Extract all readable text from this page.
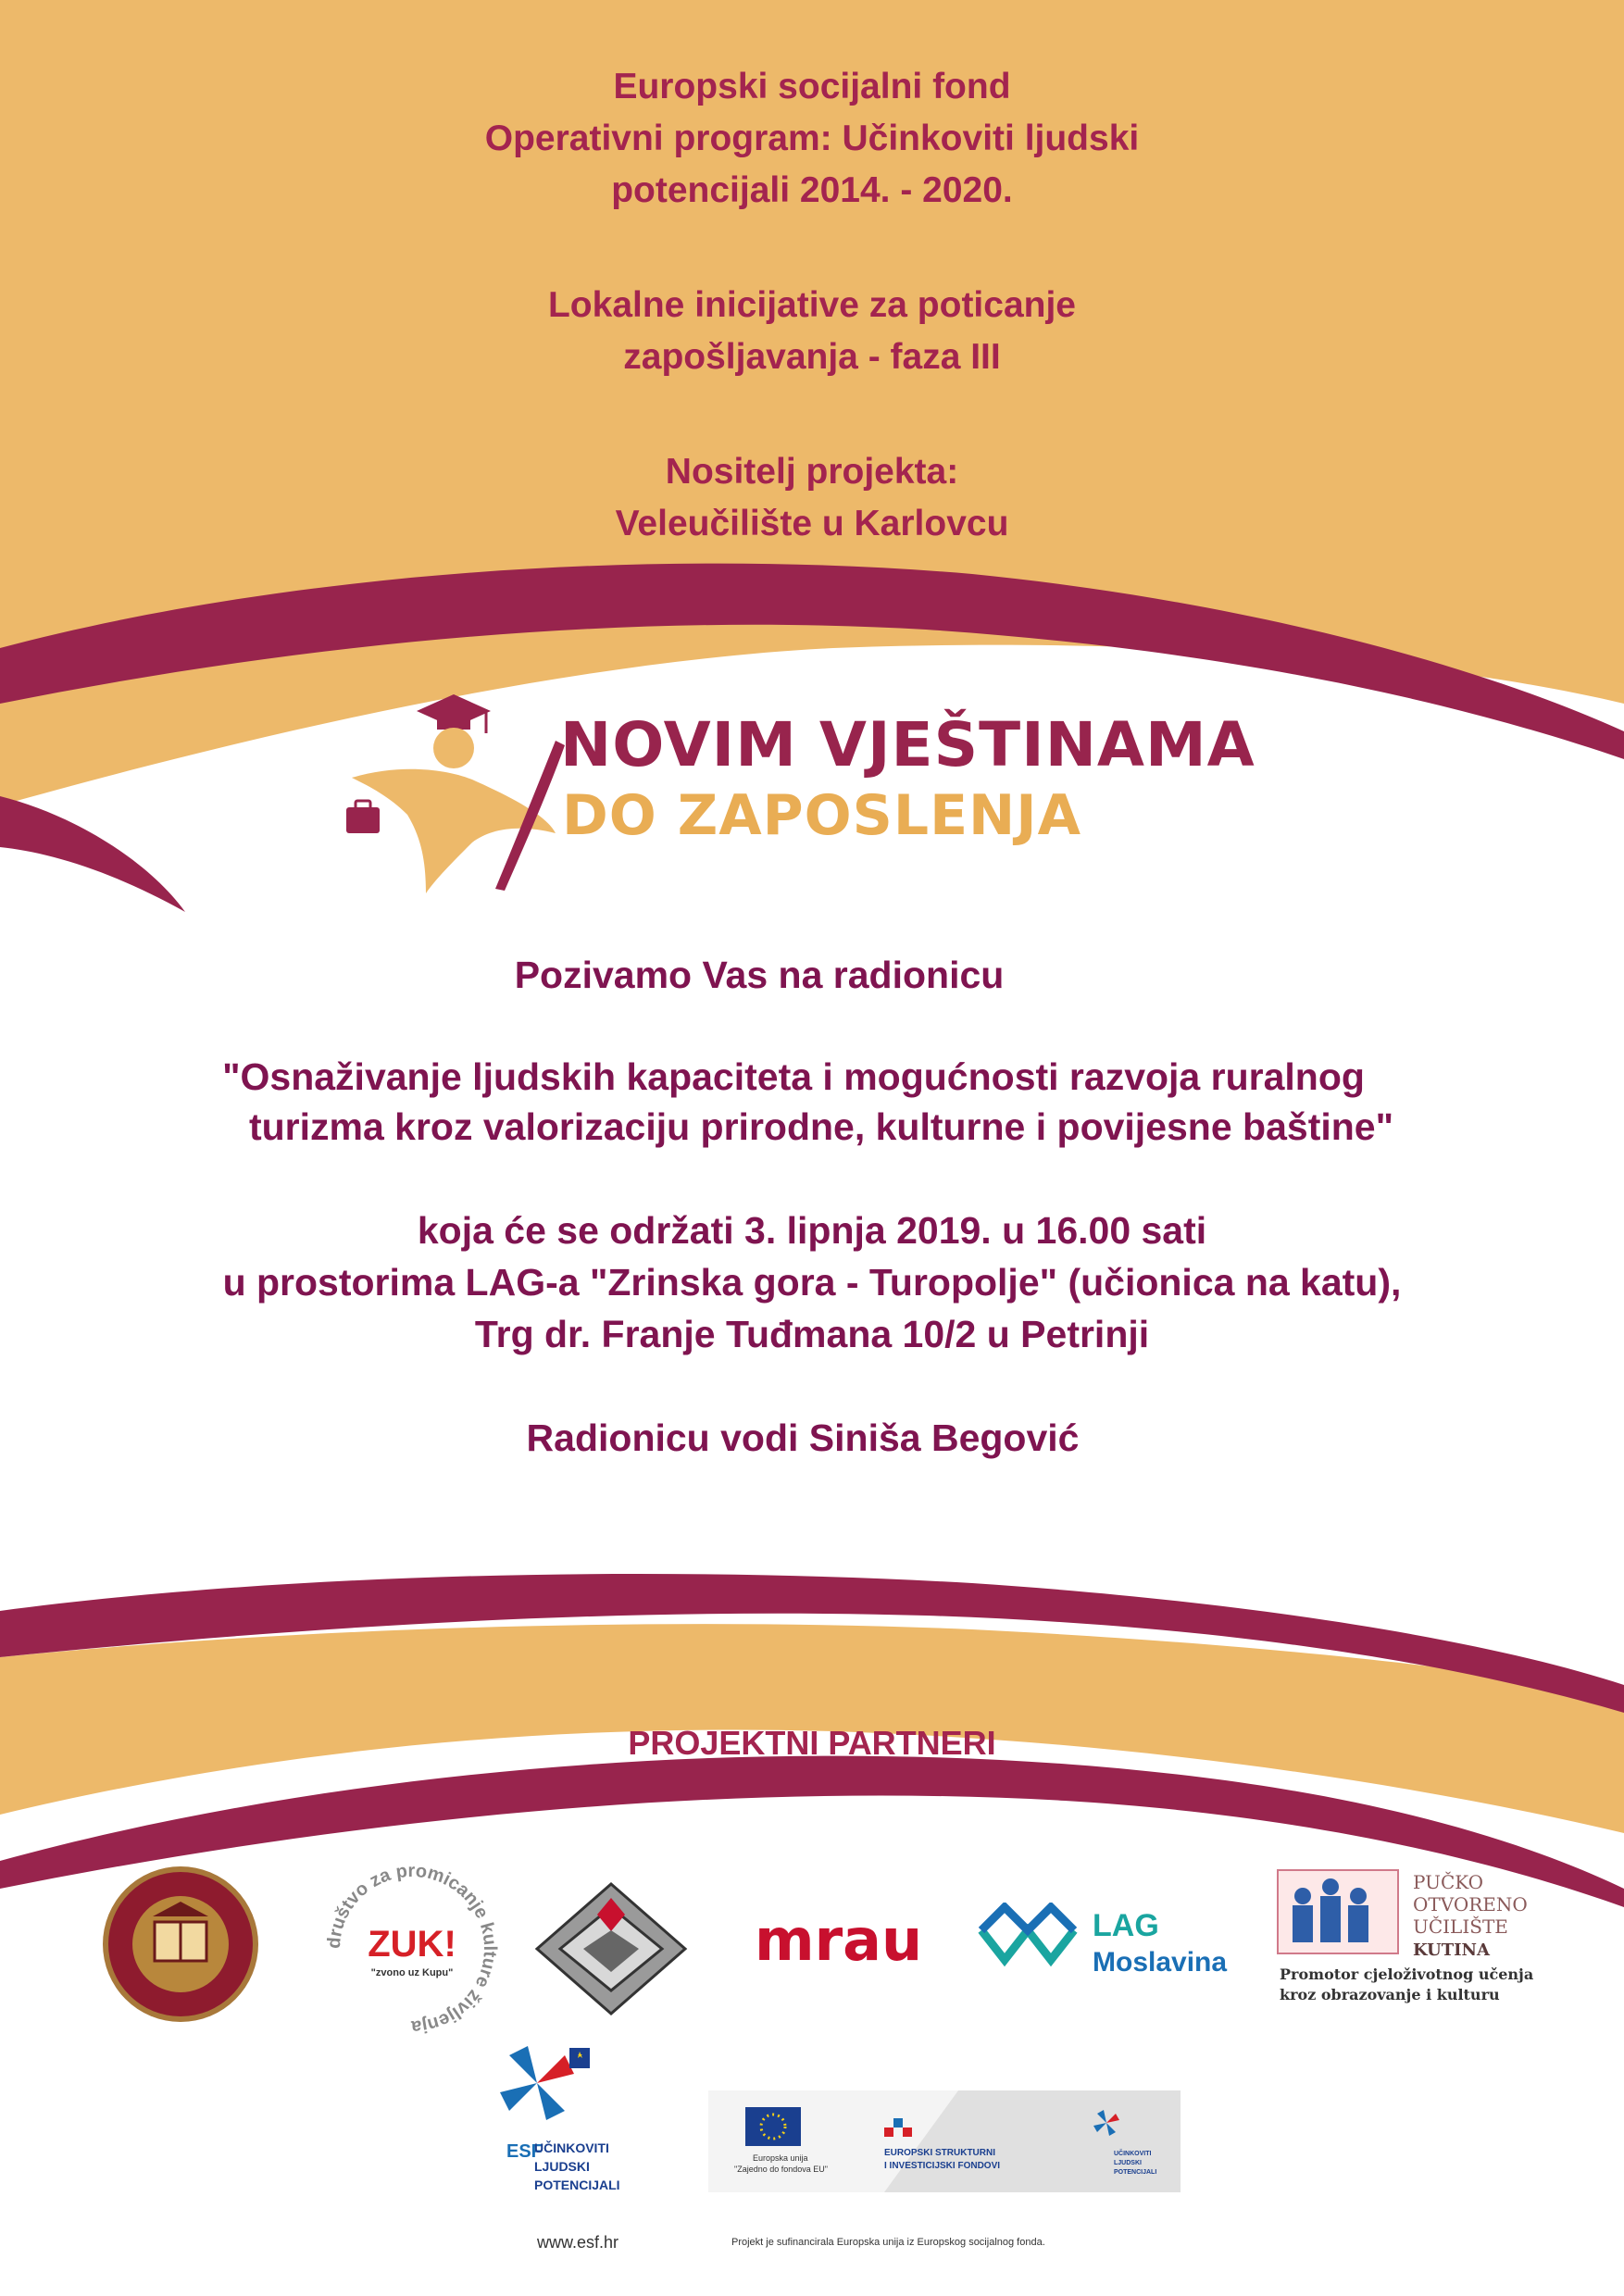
Europski socijalni fond
Operativni program: Učinkoviti ljudski
potencijali 2014. - 2020.
Lokalne inicijative za poticanje
zapošljavanja - faza III
Nositelj projekta:
Veleučilište u Karlovcu
NOVIM VJEŠTINAMA
DO ZAPOSLENJA
Pozivamo Vas na radionicu
"Osnaživanje ljudskih kapaciteta i mogućnosti razvoja ruralnog
turizma kroz valorizaciju prirodne, kulturne i povijesne baštine"
koja će se održati 3. lipnja 2019. u 16.00 sati
u prostorima LAG-a "Zrinska gora - Turopolje" (učionica na katu),
Trg dr. Franje Tuđmana 10/2 u Petrinji
Radionicu vodi Siniša Begović
PROJEKTNI PARTNERI
društvo za promicanje kulture življenja
ZUK!
"zvono uz Kupu"	mrau	LAG
Moslavina
PUČKO
OTVORENO
UČILIŠTE
KUTINA
Promotor cjeloživotnog učenja
kroz obrazovanje i kulturu
ESF
UČINKOVITI
LJUDSKI
POTENCIJALI
www.esf.hr
Europska unija
"Zajedno do fondova EU"
EUROPSKI STRUKTURNI
I INVESTICIJSKI FONDOVI
UČINKOVITI
LJUDSKI
POTENCIJALI
Projekt je sufinancirala Europska unija iz Europskog socijalnog fonda.
